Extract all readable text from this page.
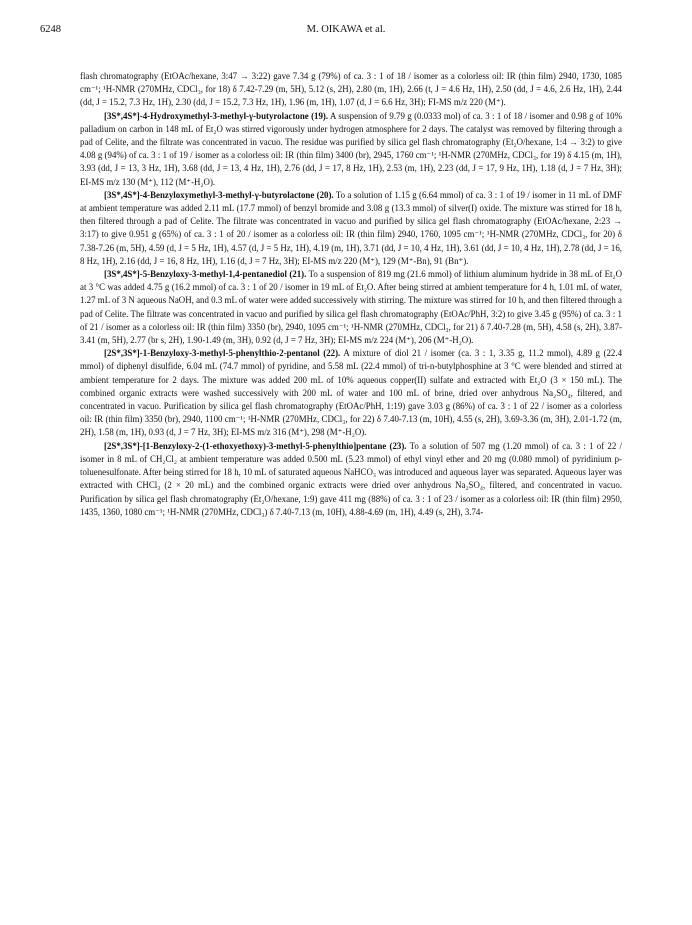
6248	M. OIKAWA et al.

flash chromatography (EtOAc/hexane, 3:47 → 3:22) gave 7.34 g (79%) of ca. 3 : 1 of 18 / isomer as a colorless oil: IR (thin film) 2940, 1730, 1085 cm⁻¹; ¹H-NMR (270MHz, CDCl₃, for 18) δ 7.42-7.29 (m, 5H), 5.12 (s, 2H), 2.80 (m, 1H), 2.66 (t, J = 4.6 Hz, 1H), 2.50 (dd, J = 4.6, 2.6 Hz, 1H), 2.44 (dd, J = 15.2, 7.3 Hz, 1H), 2.30 (dd, J = 15.2, 7.3 Hz, 1H), 1.96 (m, 1H), 1.07 (d, J = 6.6 Hz, 3H); FI-MS m/z 220 (M⁺).

[3S*,4S*]-4-Hydroxymethyl-3-methyl-γ-butyrolactone (19). A suspension of 9.79 g (0.0333 mol) of ca. 3 : 1 of 18 / isomer and 0.98 g of 10% palladium on carbon in 148 mL of Et₂O was stirred vigorously under hydrogen atmosphere for 2 days. The catalyst was removed by filtering through a pad of Celite, and the filtrate was concentrated in vacuo. The residue was purified by silica gel flash chromatography (Et₂O/hexane, 1:4 → 3:2) to give 4.08 g (94%) of ca. 3 : 1 of 19 / isomer as a colorless oil: IR (thin film) 3400 (br), 2945, 1760 cm⁻¹; ¹H-NMR (270MHz, CDCl₃, for 19) δ 4.15 (m, 1H), 3.93 (dd, J = 13, 3 Hz, 1H), 3.68 (dd, J = 13, 4 Hz, 1H), 2.76 (dd, J = 17, 8 Hz, 1H), 2.53 (m, 1H), 2.23 (dd, J = 17, 9 Hz, 1H), 1.18 (d, J = 7 Hz, 3H); EI-MS m/z 130 (M⁺), 112 (M⁺-H₂O).

[3S*,4S*]-4-Benzyloxymethyl-3-methyl-γ-butyrolactone (20). To a solution of 1.15 g (6.64 mmol) of ca. 3 : 1 of 19 / isomer in 11 mL of DMF at ambient temperature was added 2.11 mL (17.7 mmol) of benzyl bromide and 3.08 g (13.3 mmol) of silver(I) oxide. The mixture was stirred for 18 h, then filtered through a pad of Celite. The filtrate was concentrated in vacuo and purified by silica gel flash chromatography (EtOAc/hexane, 2:23 → 3:17) to give 0.951 g (65%) of ca. 3 : 1 of 20 / isomer as a colorless oil: IR (thin film) 2940, 1760, 1095 cm⁻¹; ¹H-NMR (270MHz, CDCl₃, for 20) δ 7.38-7.26 (m, 5H), 4.59 (d, J = 5 Hz, 1H), 4.57 (d, J = 5 Hz, 1H), 4.19 (m, 1H), 3.71 (dd, J = 10, 4 Hz, 1H), 3.61 (dd, J = 10, 4 Hz, 1H), 2.78 (dd, J = 16, 8 Hz, 1H), 2.16 (dd, J = 16, 8 Hz, 1H), 1.16 (d, J = 7 Hz, 3H); EI-MS m/z 220 (M⁺), 129 (M⁺-Bn), 91 (Bn⁺).

[3S*,4S*]-5-Benzyloxy-3-methyl-1,4-pentanediol (21). To a suspension of 819 mg (21.6 mmol) of lithium aluminum hydride in 38 mL of Et₂O at 3 °C was added 4.75 g (16.2 mmol) of ca. 3 : 1 of 20 / isomer in 19 mL of Et₂O. After being stirred at ambient temperature for 4 h, 1.01 mL of water, 1.27 mL of 3 N aqueous NaOH, and 0.3 mL of water were added successively with stirring. The mixture was stirred for 10 h, and then filtered through a pad of Celite. The filtrate was concentrated in vacuo and purified by silica gel flash chromatography (EtOAc/PhH, 3:2) to give 3.45 g (95%) of ca. 3 : 1 of 21 / isomer as a colorless oil: IR (thin film) 3350 (br), 2940, 1095 cm⁻¹; ¹H-NMR (270MHz, CDCl₃, for 21) δ 7.40-7.28 (m, 5H), 4.58 (s, 2H), 3.87-3.41 (m, 5H), 2.77 (br s, 2H), 1.90-1.49 (m, 3H), 0.92 (d, J = 7 Hz, 3H); EI-MS m/z 224 (M⁺), 206 (M⁺-H₂O).

[2S*,3S*]-1-Benzyloxy-3-methyl-5-phenylthio-2-pentanol (22). A mixture of diol 21 / isomer (ca. 3 : 1, 3.35 g, 11.2 mmol), 4.89 g (22.4 mmol) of diphenyl disulfide, 6.04 mL (74.7 mmol) of pyridine, and 5.58 mL (22.4 mmol) of tri-n-butylphosphine at 3 °C were blended and stirred at ambient temperature for 2 days. The mixture was added 200 mL of 10% aqueous copper(II) sulfate and extracted with Et₂O (3 × 150 mL). The combined organic extracts were washed successively with 200 mL of water and 100 mL of brine, dried over anhydrous Na₂SO₄, filtered, and concentrated in vacuo. Purification by silica gel flash chromatography (EtOAc/PhH, 1:19) gave 3.03 g (86%) of ca. 3 : 1 of 22 / isomer as a colorless oil: IR (thin film) 3350 (br), 2940, 1100 cm⁻¹; ¹H-NMR (270MHz, CDCl₃, for 22) δ 7.40-7.13 (m, 10H), 4.55 (s, 2H), 3.69-3.36 (m, 3H), 2.01-1.72 (m, 2H), 1.58 (m, 1H), 0.93 (d, J = 7 Hz, 3H); EI-MS m/z 316 (M⁺), 298 (M⁺-H₂O).

[2S*,3S*]-[1-Benzyloxy-2-(1-ethoxyethoxy)-3-methyl-5-phenylthio]pentane (23). To a solution of 507 mg (1.20 mmol) of ca. 3 : 1 of 22 / isomer in 8 mL of CH₂Cl₂ at ambient temperature was added 0.500 mL (5.23 mmol) of ethyl vinyl ether and 20 mg (0.080 mmol) of pyridinium p-toluenesulfonate. After being stirred for 18 h, 10 mL of saturated aqueous NaHCO₃ was introduced and aqueous layer was separated. Aqueous layer was extracted with CHCl₃ (2 × 20 mL) and the combined organic extracts were dried over anhydrous Na₂SO₄, filtered, and concentrated in vacuo. Purification by silica gel flash chromatography (Et₂O/hexane, 1:9) gave 411 mg (88%) of ca. 3 : 1 of 23 / isomer as a colorless oil: IR (thin film) 2950, 1435, 1360, 1080 cm⁻¹; ¹H-NMR (270MHz, CDCl₃) δ 7.40-7.13 (m, 10H), 4.88-4.69 (m, 1H), 4.49 (s, 2H), 3.74-
